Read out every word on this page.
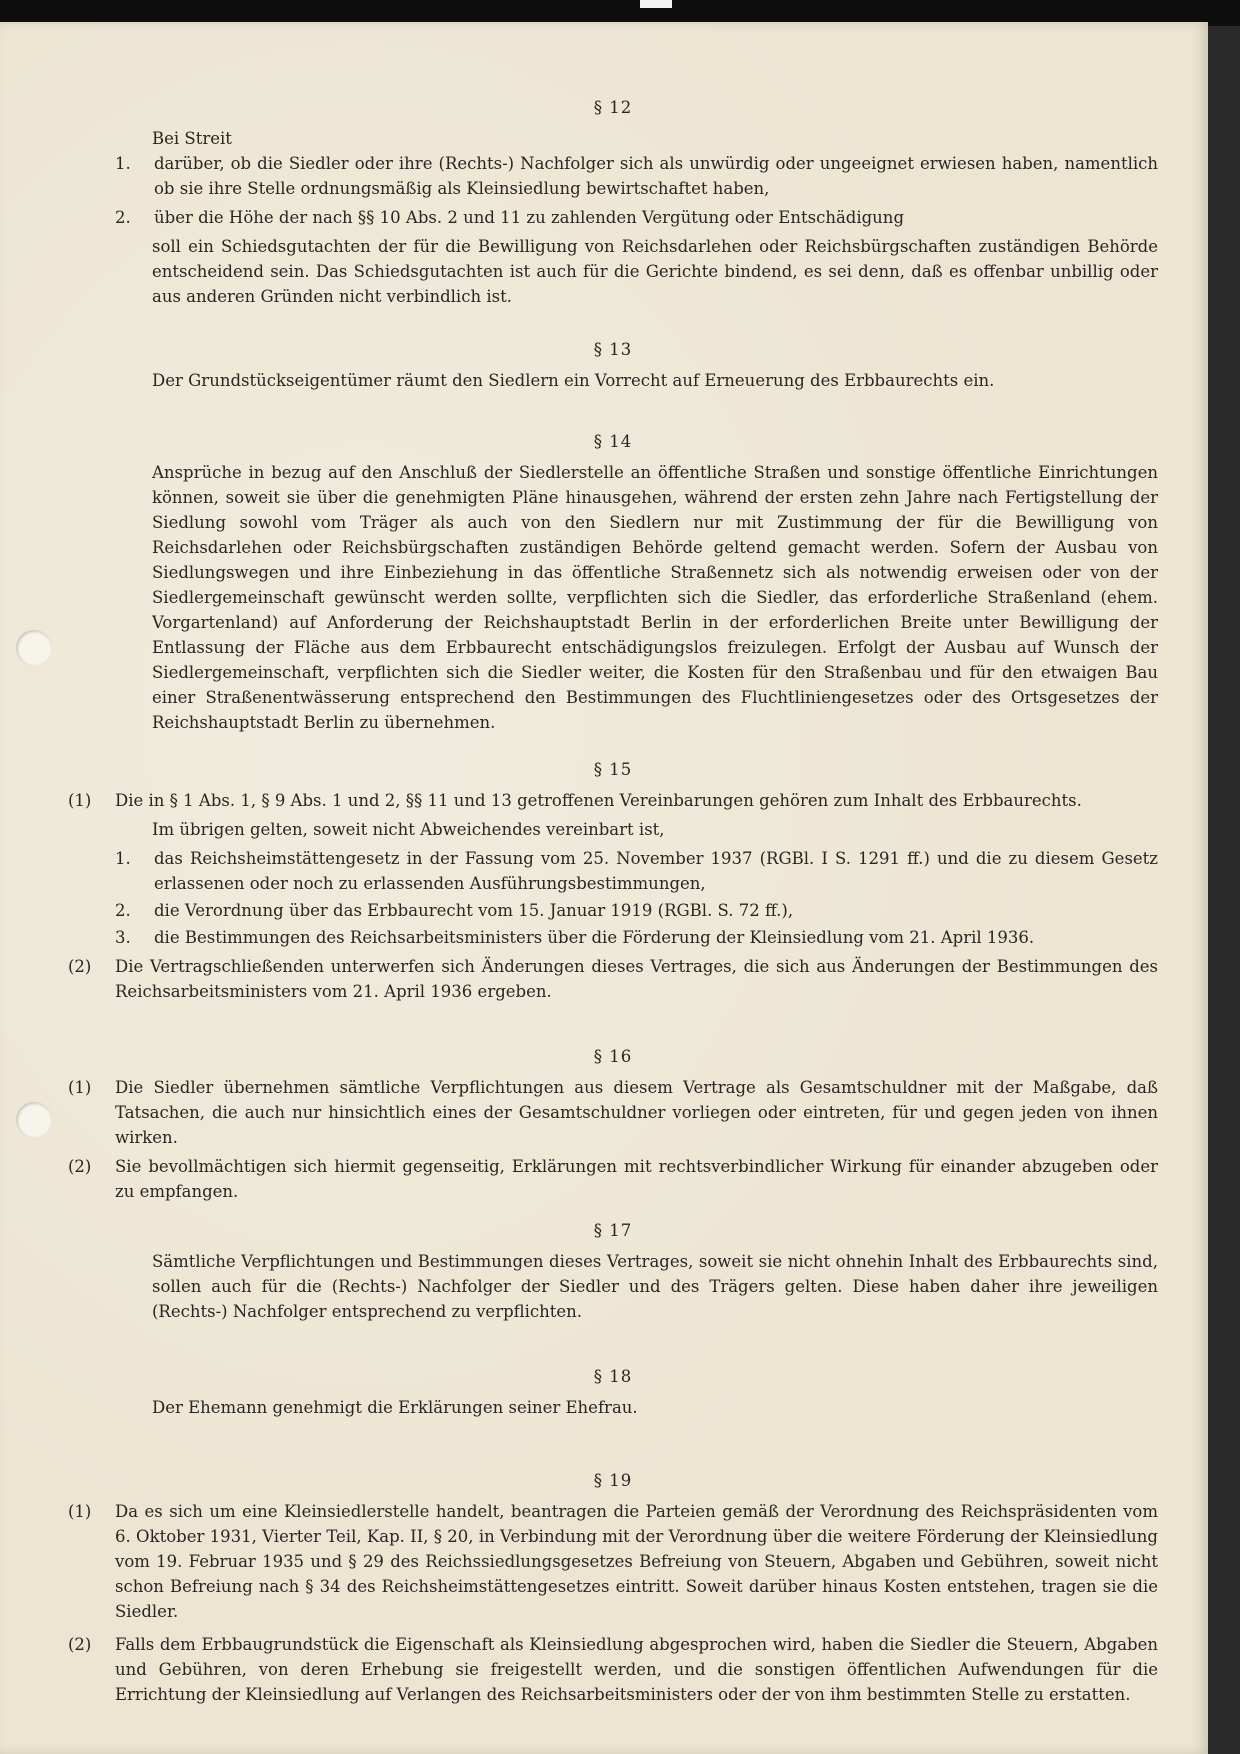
§ 12

Bei Streit

1.	darüber, ob die Siedler oder ihre (Rechts-) Nachfolger sich als unwürdig oder ungeeignet erwiesen haben, namentlich ob sie ihre Stelle ordnungsmäßig als Kleinsiedlung bewirtschaftet haben,
2.	über die Höhe der nach §§ 10 Abs. 2 und 11 zu zahlenden Vergütung oder Entschädigung

soll ein Schiedsgutachten der für die Bewilligung von Reichsdarlehen oder Reichsbürgschaften zuständigen Behörde entscheidend sein. Das Schiedsgutachten ist auch für die Gerichte bindend, es sei denn, daß es offenbar unbillig oder aus anderen Gründen nicht verbindlich ist.

§ 13

Der Grundstückseigentümer räumt den Siedlern ein Vorrecht auf Erneuerung des Erbbaurechts ein.

§ 14

Ansprüche in bezug auf den Anschluß der Siedlerstelle an öffentliche Straßen und sonstige öffentliche Einrichtungen können, soweit sie über die genehmigten Pläne hinausgehen, während der ersten zehn Jahre nach Fertigstellung der Siedlung sowohl vom Träger als auch von den Siedlern nur mit Zustimmung der für die Bewilligung von Reichsdarlehen oder Reichsbürgschaften zuständigen Behörde geltend gemacht werden. Sofern der Ausbau von Siedlungswegen und ihre Einbeziehung in das öffentliche Straßennetz sich als notwendig erweisen oder von der Siedlergemeinschaft gewünscht werden sollte, verpflichten sich die Siedler, das erforderliche Straßenland (ehem. Vorgartenland) auf Anforderung der Reichshauptstadt Berlin in der erforderlichen Breite unter Bewilligung der Entlassung der Fläche aus dem Erbbaurecht entschädigungslos freizulegen. Erfolgt der Ausbau auf Wunsch der Siedlergemeinschaft, verpflichten sich die Siedler weiter, die Kosten für den Straßenbau und für den etwaigen Bau einer Straßenentwässerung entsprechend den Bestimmungen des Fluchtliniengesetzes oder des Ortsgesetzes der Reichshauptstadt Berlin zu übernehmen.

§ 15

(1)	Die in § 1 Abs. 1, § 9 Abs. 1 und 2, §§ 11 und 13 getroffenen Vereinbarungen gehören zum Inhalt des Erbbaurechts.

Im übrigen gelten, soweit nicht Abweichendes vereinbart ist,

1.	das Reichsheimstättengesetz in der Fassung vom 25. November 1937 (RGBl. I S. 1291 ff.) und die zu diesem Gesetz erlassenen oder noch zu erlassenden Ausführungsbestimmungen,
2.	die Verordnung über das Erbbaurecht vom 15. Januar 1919 (RGBl. S. 72 ff.),
3.	die Bestimmungen des Reichsarbeitsministers über die Förderung der Kleinsiedlung vom 21. April 1936.
(2)	Die Vertragschließenden unterwerfen sich Änderungen dieses Vertrages, die sich aus Änderungen der Bestimmungen des Reichsarbeitsministers vom 21. April 1936 ergeben.

§ 16

(1)	Die Siedler übernehmen sämtliche Verpflichtungen aus diesem Vertrage als Gesamtschuldner mit der Maßgabe, daß Tatsachen, die auch nur hinsichtlich eines der Gesamtschuldner vorliegen oder eintreten, für und gegen jeden von ihnen wirken.
(2)	Sie bevollmächtigen sich hiermit gegenseitig, Erklärungen mit rechtsverbindlicher Wirkung für einander abzugeben oder zu empfangen.

§ 17

Sämtliche Verpflichtungen und Bestimmungen dieses Vertrages, soweit sie nicht ohnehin Inhalt des Erbbaurechts sind, sollen auch für die (Rechts-) Nachfolger der Siedler und des Trägers gelten. Diese haben daher ihre jeweiligen (Rechts-) Nachfolger entsprechend zu verpflichten.

§ 18

Der Ehemann genehmigt die Erklärungen seiner Ehefrau.

§ 19

(1)	Da es sich um eine Kleinsiedlerstelle handelt, beantragen die Parteien gemäß der Verordnung des Reichspräsidenten vom 6. Oktober 1931, Vierter Teil, Kap. II, § 20, in Verbindung mit der Verordnung über die weitere Förderung der Kleinsiedlung vom 19. Februar 1935 und § 29 des Reichssiedlungsgesetzes Befreiung von Steuern, Abgaben und Gebühren, soweit nicht schon Befreiung nach § 34 des Reichsheimstättengesetzes eintritt. Soweit darüber hinaus Kosten entstehen, tragen sie die Siedler.
(2)	Falls dem Erbbaugrundstück die Eigenschaft als Kleinsiedlung abgesprochen wird, haben die Siedler die Steuern, Abgaben und Gebühren, von deren Erhebung sie freigestellt werden, und die sonstigen öffentlichen Aufwendungen für die Errichtung der Kleinsiedlung auf Verlangen des Reichsarbeitsministers oder der von ihm bestimmten Stelle zu erstatten.
